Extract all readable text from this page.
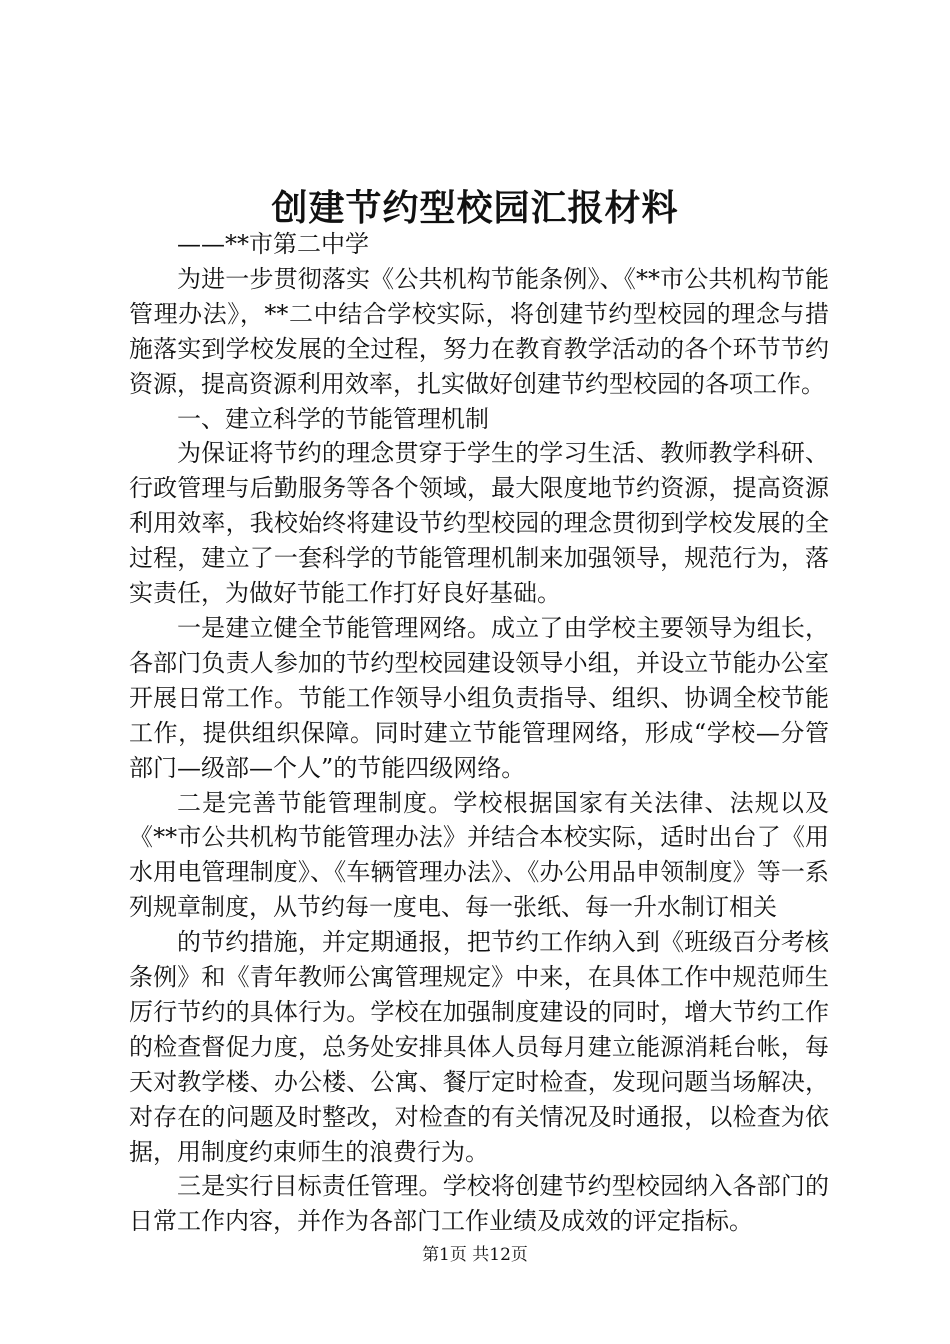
创建节约型校园汇报材料

——**市第二中学

为进一步贯彻落实《公共机构节能条例》、《**市公共机构节能管理办法》，**二中结合学校实际，将创建节约型校园的理念与措施落实到学校发展的全过程，努力在教育教学活动的各个环节节约资源，提高资源利用效率，扎实做好创建节约型校园的各项工作。

一、建立科学的节能管理机制

为保证将节约的理念贯穿于学生的学习生活、教师教学科研、行政管理与后勤服务等各个领域，最大限度地节约资源，提高资源利用效率，我校始终将建设节约型校园的理念贯彻到学校发展的全过程，建立了一套科学的节能管理机制来加强领导，规范行为，落实责任，为做好节能工作打好良好基础。

一是建立健全节能管理网络。成立了由学校主要领导为组长，各部门负责人参加的节约型校园建设领导小组，并设立节能办公室开展日常工作。节能工作领导小组负责指导、组织、协调全校节能工作，提供组织保障。同时建立节能管理网络，形成“学校—分管部门—级部—个人”的节能四级网络。

二是完善节能管理制度。学校根据国家有关法律、法规以及《**市公共机构节能管理办法》并结合本校实际，适时出台了《用水用电管理制度》、《车辆管理办法》、《办公用品申领制度》等一系列规章制度，从节约每一度电、每一张纸、每一升水制订相关

的节约措施，并定期通报，把节约工作纳入到《班级百分考核条例》和《青年教师公寓管理规定》中来，在具体工作中规范师生厉行节约的具体行为。学校在加强制度建设的同时，增大节约工作的检查督促力度，总务处安排具体人员每月建立能源消耗台帐，每天对教学楼、办公楼、公寓、餐厅定时检查，发现问题当场解决，对存在的问题及时整改，对检查的有关情况及时通报，以检查为依据，用制度约束师生的浪费行为。

三是实行目标责任管理。学校将创建节约型校园纳入各部门的日常工作内容，并作为各部门工作业绩及成效的评定指标。

第1页 共12页
